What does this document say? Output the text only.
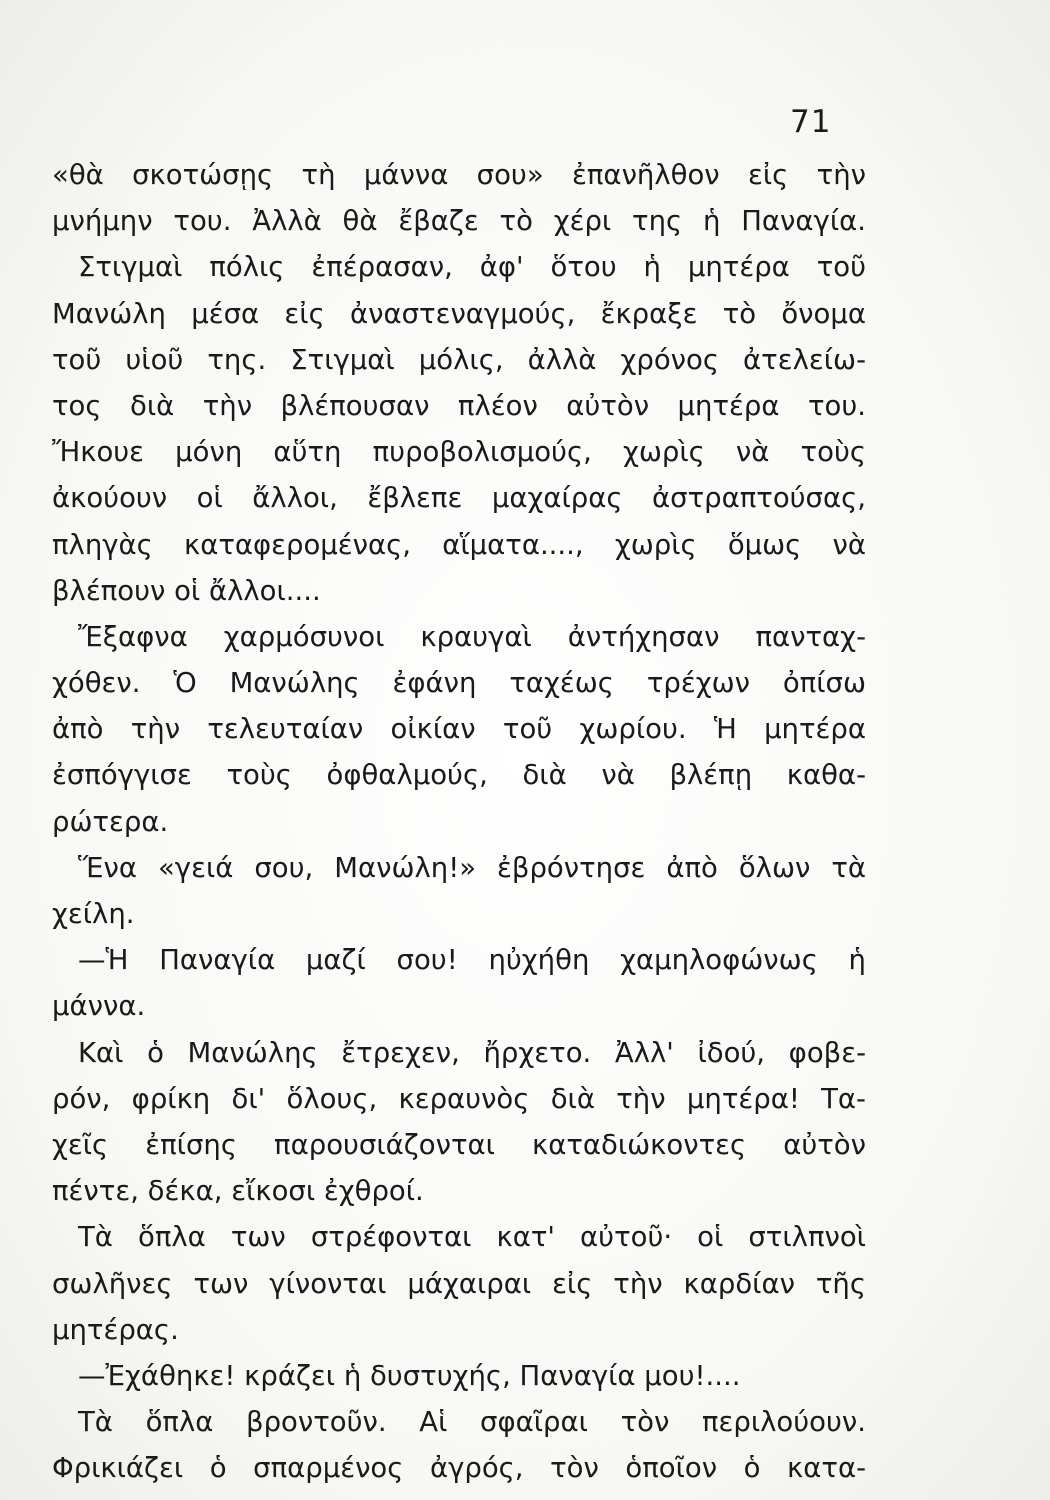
71
«θὰ σκοτώσῃς τὴ μάννα σου» ἐπανῆλθον εἰς τὴν
μνήμην του. Ἀλλὰ θὰ ἔβαζε τὸ χέρι της ἡ Παναγία.
Στιγμαὶ πόλις ἐπέρασαν, ἀφ' ὅτου ἡ μητέρα τοῦ
Μανώλη μέσα εἰς ἀναστεναγμούς, ἔκραξε τὸ ὄνομα
τοῦ υἱοῦ της. Στιγμαὶ μόλις, ἀλλὰ χρόνος ἀτελείω-
τος διὰ τὴν βλέπουσαν πλέον αὐτὸν μητέρα του.
Ἤκουε μόνη αὕτη πυροβολισμούς, χωρὶς νὰ τοὺς
ἀκούουν οἱ ἄλλοι, ἔβλεπε μαχαίρας ἀστραπτούσας,
πληγὰς καταφερομένας, αἵματα...., χωρὶς ὅμως νὰ
βλέπουν οἱ ἄλλοι....
Ἔξαφνα χαρμόσυνοι κραυγαὶ ἀντήχησαν πανταχ-
χόθεν. Ὁ Μανώλης ἐφάνη ταχέως τρέχων ὀπίσω
ἀπὸ τὴν τελευταίαν οἰκίαν τοῦ χωρίου. Ἡ μητέρα
ἐσπόγγισε τοὺς ὀφθαλμούς, διὰ νὰ βλέπῃ καθα-
ρώτερα.
Ἕνα «γειά σου, Μανώλη!» ἐβρόντησε ἀπὸ ὅλων τὰ
χείλη.
—Ἡ Παναγία μαζί σου! ηὐχήθη χαμηλοφώνως ἡ
μάννα.
Καὶ ὁ Μανώλης ἔτρεχεν, ἤρχετο. Ἀλλ' ἰδού, φοβε-
ρόν, φρίκη δι' ὅλους, κεραυνὸς διὰ τὴν μητέρα! Τα-
χεῖς ἐπίσης παρουσιάζονται καταδιώκοντες αὐτὸν
πέντε, δέκα, εἴκοσι ἐχθροί.
Τὰ ὅπλα των στρέφονται κατ' αὐτοῦ· οἱ στιλπνοὶ
σωλῆνες των γίνονται μάχαιραι εἰς τὴν καρδίαν τῆς
μητέρας.
—Ἐχάθηκε! κράζει ἡ δυστυχής, Παναγία μου!....
Τὰ ὅπλα βροντοῦν. Αἱ σφαῖραι τὸν περιλούουν.
Φρικιάζει ὁ σπαρμένος ἀγρός, τὸν ὁποῖον ὁ κατα-
